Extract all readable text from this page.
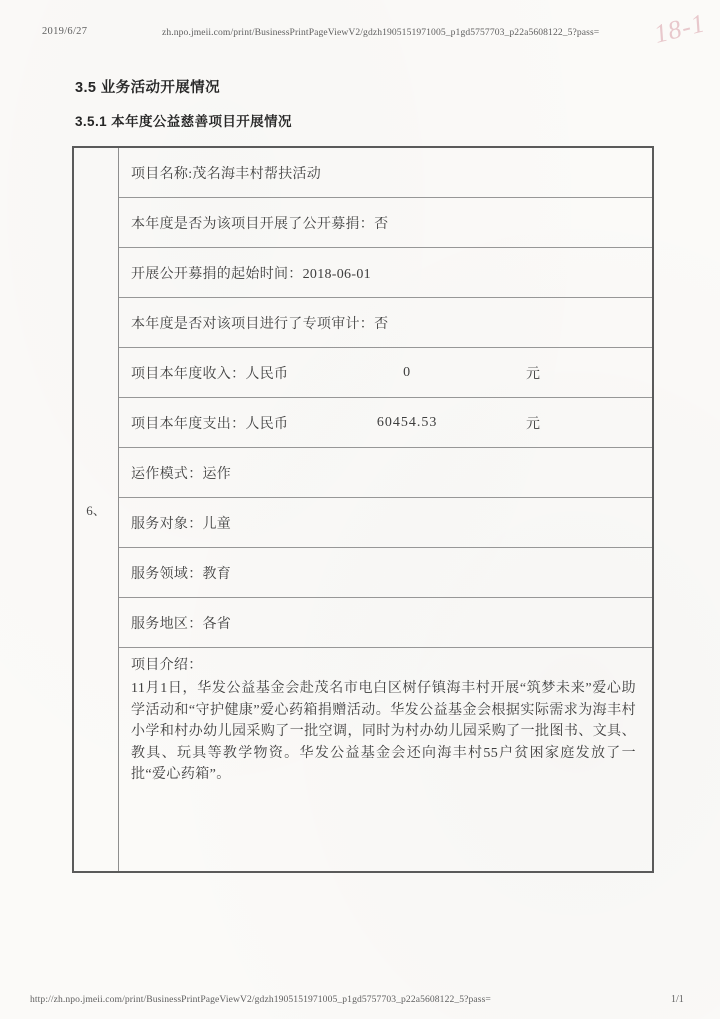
2019/6/27	zh.npo.jmeii.com/print/BusinessPrintPageViewV2/gdzh1905151971005_p1gd5757703_p22a5608122_5?pass= 18-1
3.5 业务活动开展情况
3.5.1 本年度公益慈善项目开展情况
6、
项目名称:茂名海丰村帮扶活动
本年度是否为该项目开展了公开募捐：否
开展公开募捐的起始时间：2018-06-01
本年度是否对该项目进行了专项审计：否
项目本年度收入：人民币	0	元
项目本年度支出：人民币	60454.53	元
运作模式：运作
服务对象：儿童
服务领域：教育
服务地区：各省
项目介绍：

11月1日，华发公益基金会赴茂名市电白区树仔镇海丰村开展“筑梦未来”爱心助学活动和“守护健康”爱心药箱捐赠活动。华发公益基金会根据实际需求为海丰村小学和村办幼儿园采购了一批空调，同时为村办幼儿园采购了一批图书、文具、教具、玩具等教学物资。华发公益基金会还向海丰村55户贫困家庭发放了一批“爱心药箱”。

http://zh.npo.jmeii.com/print/BusinessPrintPageViewV2/gdzh1905151971005_p1gd5757703_p22a5608122_5?pass=	1/1
